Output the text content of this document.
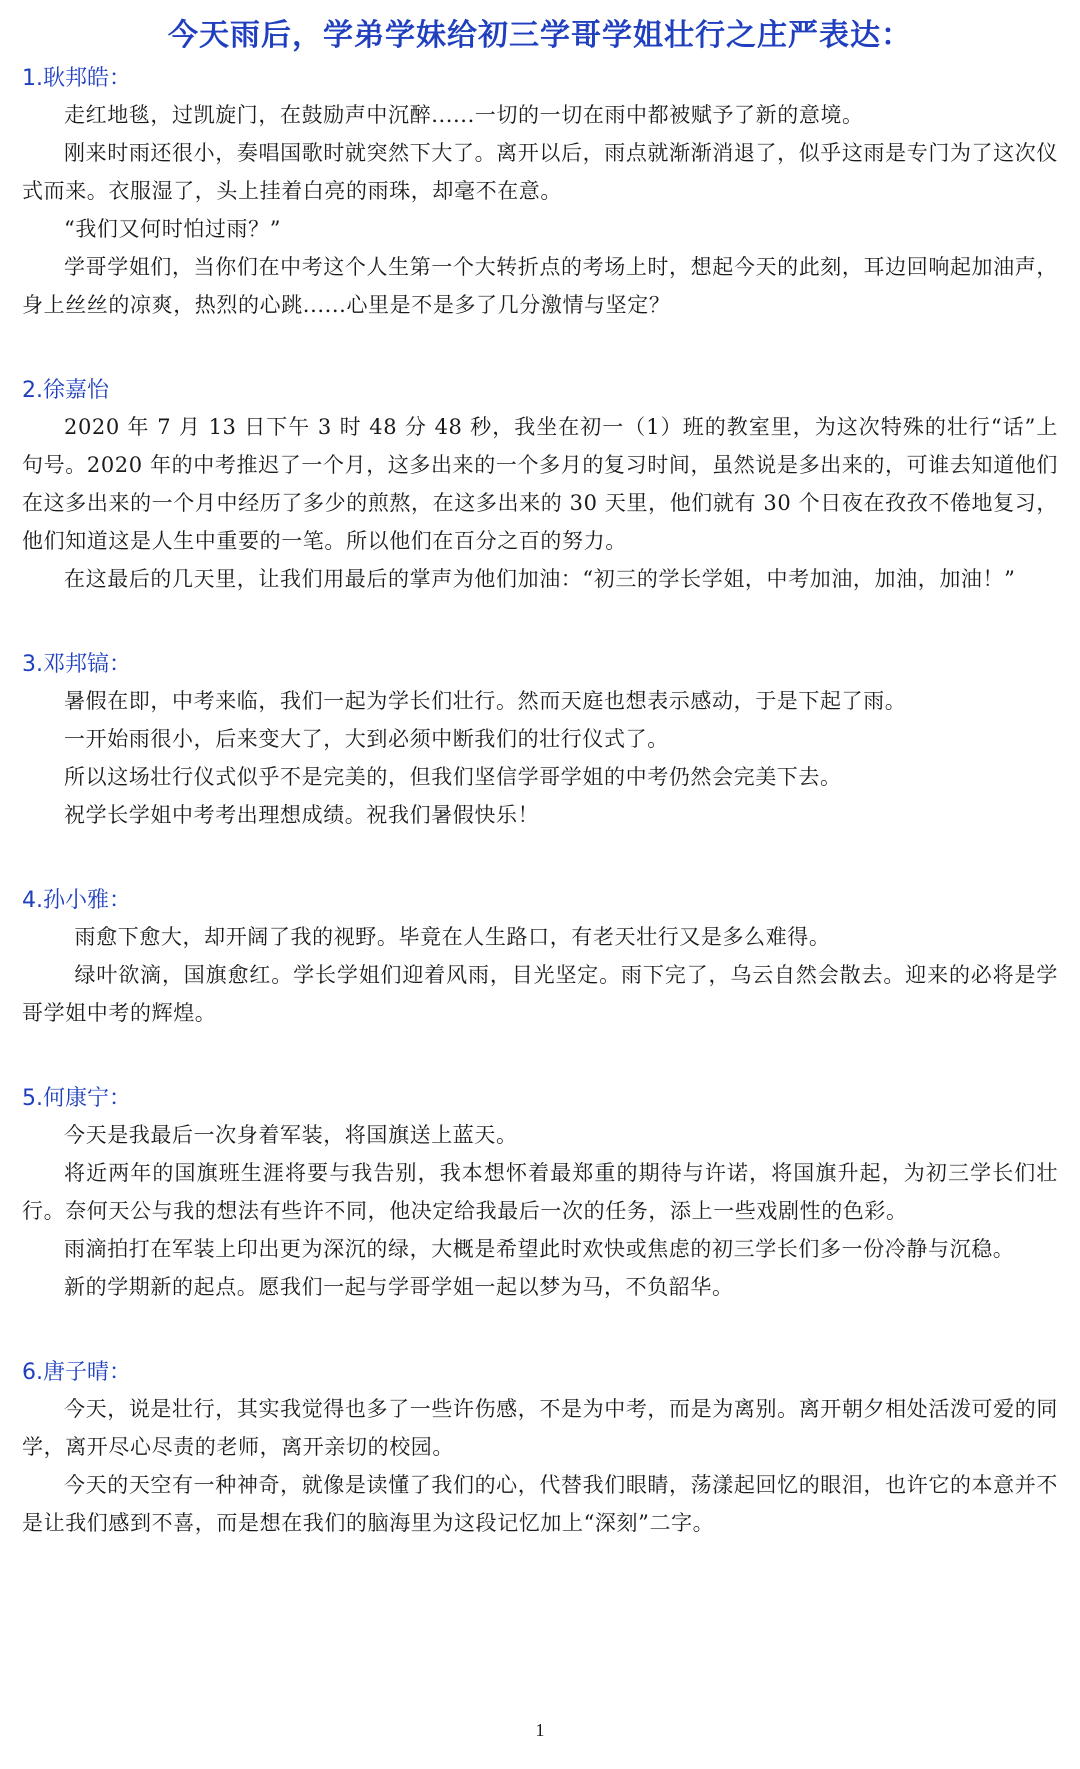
今天雨后，学弟学妹给初三学哥学姐壮行之庄严表达：
1.耿邦皓：

走红地毯，过凯旋门，在鼓励声中沉醉......一切的一切在雨中都被赋予了新的意境。

刚来时雨还很小，奏唱国歌时就突然下大了。离开以后，雨点就渐渐消退了，似乎这雨是专门为了这次仪式而来。衣服湿了，头上挂着白亮的雨珠，却毫不在意。

“我们又何时怕过雨？”

学哥学姐们，当你们在中考这个人生第一个大转折点的考场上时，想起今天的此刻，耳边回响起加油声，身上丝丝的凉爽，热烈的心跳......心里是不是多了几分激情与坚定？

2.徐嘉怡

2020 年 7 月 13 日下午 3 时 48 分 48 秒，我坐在初一（1）班的教室里，为这次特殊的壮行“话”上句号。2020 年的中考推迟了一个月，这多出来的一个多月的复习时间，虽然说是多出来的，可谁去知道他们在这多出来的一个月中经历了多少的煎熬，在这多出来的 30 天里，他们就有 30 个日夜在孜孜不倦地复习，他们知道这是人生中重要的一笔。所以他们在百分之百的努力。

在这最后的几天里，让我们用最后的掌声为他们加油：“初三的学长学姐，中考加油，加油，加油！”

3.邓邦镐：

暑假在即，中考来临，我们一起为学长们壮行。然而天庭也想表示感动，于是下起了雨。

一开始雨很小，后来变大了，大到必须中断我们的壮行仪式了。

所以这场壮行仪式似乎不是完美的，但我们坚信学哥学姐的中考仍然会完美下去。

祝学长学姐中考考出理想成绩。祝我们暑假快乐！

4.孙小雅：

雨愈下愈大，却开阔了我的视野。毕竟在人生路口，有老天壮行又是多么难得。

绿叶欲滴，国旗愈红。学长学姐们迎着风雨，目光坚定。雨下完了，乌云自然会散去。迎来的必将是学哥学姐中考的辉煌。

5.何康宁：

今天是我最后一次身着军装，将国旗送上蓝天。

将近两年的国旗班生涯将要与我告别，我本想怀着最郑重的期待与许诺，将国旗升起，为初三学长们壮行。奈何天公与我的想法有些许不同，他决定给我最后一次的任务，添上一些戏剧性的色彩。

雨滴拍打在军装上印出更为深沉的绿，大概是希望此时欢快或焦虑的初三学长们多一份冷静与沉稳。

新的学期新的起点。愿我们一起与学哥学姐一起以梦为马，不负韶华。

6.唐子晴：

今天，说是壮行，其实我觉得也多了一些许伤感，不是为中考，而是为离别。离开朝夕相处活泼可爱的同学，离开尽心尽责的老师，离开亲切的校园。

今天的天空有一种神奇，就像是读懂了我们的心，代替我们眼睛，荡漾起回忆的眼泪，也许它的本意并不是让我们感到不喜，而是想在我们的脑海里为这段记忆加上“深刻”二字。

1
